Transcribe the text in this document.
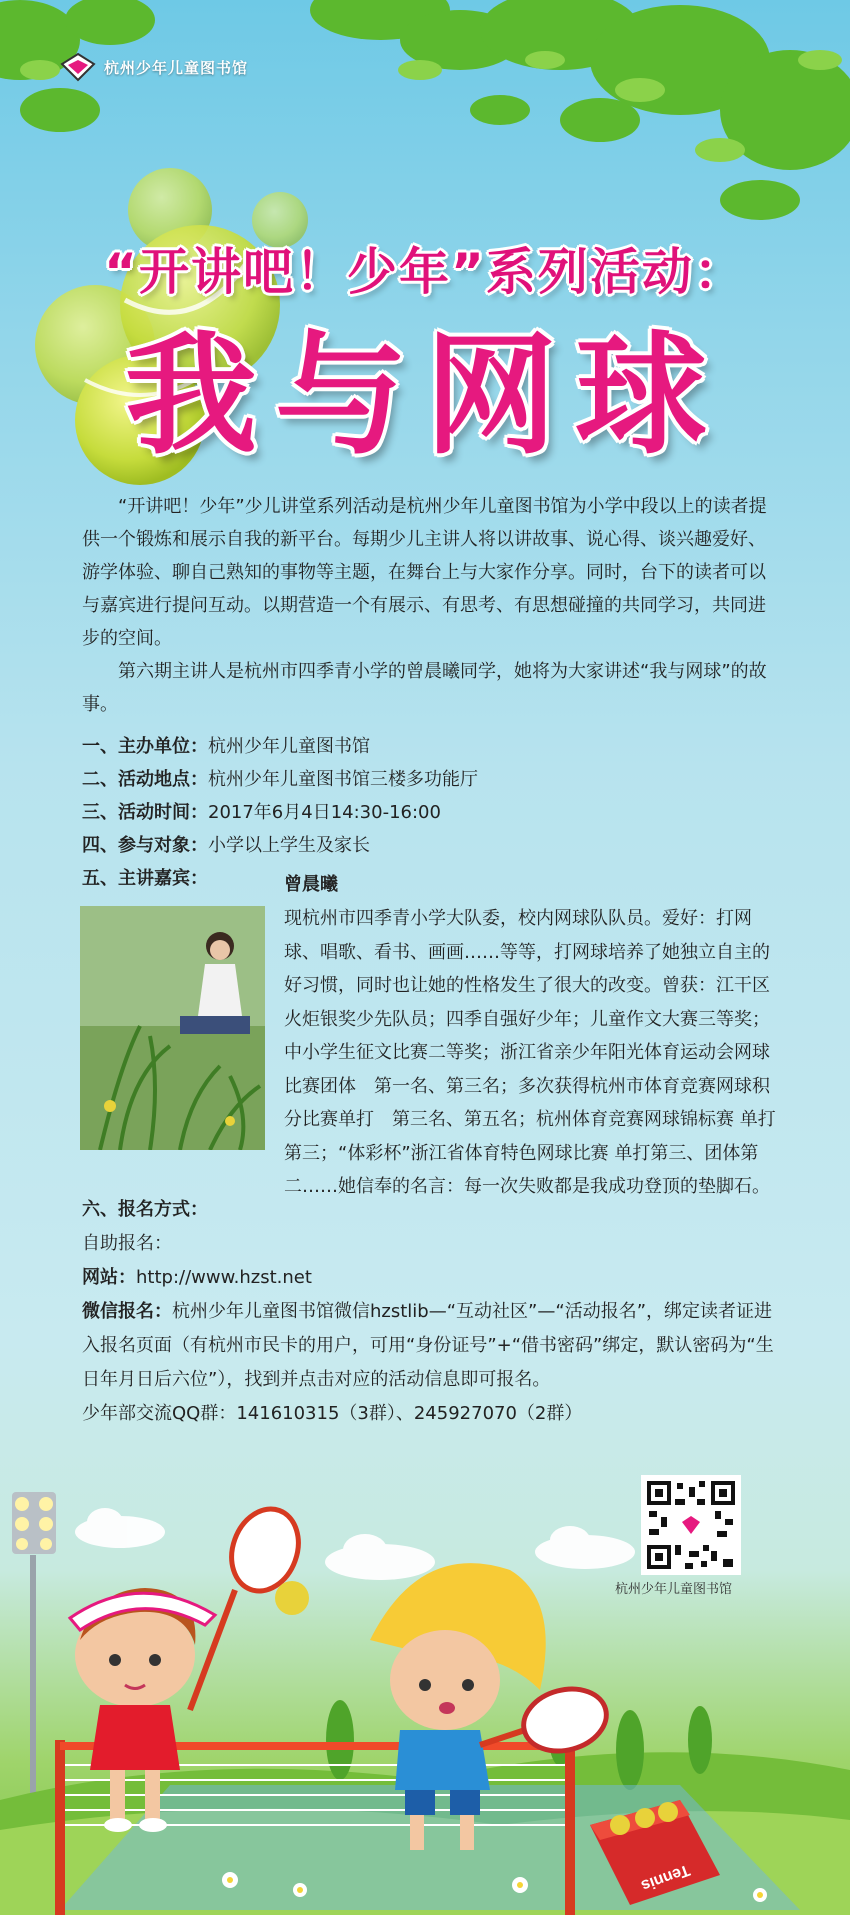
杭州少年儿童图书馆
“开讲吧！少年”系列活动：
我与网球

“开讲吧！少年”少儿讲堂系列活动是杭州少年儿童图书馆为小学中段以上的读者提供一个锻炼和展示自我的新平台。每期少儿主讲人将以讲故事、说心得、谈兴趣爱好、游学体验、聊自己熟知的事物等主题，在舞台上与大家作分享。同时，台下的读者可以与嘉宾进行提问互动。以期营造一个有展示、有思考、有思想碰撞的共同学习，共同进步的空间。

第六期主讲人是杭州市四季青小学的曾晨曦同学，她将为大家讲述“我与网球”的故事。

一、主办单位：杭州少年儿童图书馆
二、活动地点：杭州少年儿童图书馆三楼多功能厅
三、活动时间：2017年6月4日14:30-16:00
四、参与对象：小学以上学生及家长
五、主讲嘉宾：	曾晨曦

现杭州市四季青小学大队委，校内网球队队员。爱好：打网球、唱歌、看书、画画……等等，打网球培养了她独立自主的好习惯，同时也让她的性格发生了很大的改变。曾获：江干区火炬银奖少先队员；四季自强好少年；儿童作文大赛三等奖；中小学生征文比赛二等奖；浙江省亲少年阳光体育运动会网球比赛团体　第一名、第三名；多次获得杭州市体育竞赛网球积分比赛单打　第三名、第五名；杭州体育竞赛网球锦标赛 单打第三；“体彩杯”浙江省体育特色网球比赛 单打第三、团体第二……她信奉的名言：每一次失败都是我成功登顶的垫脚石。

六、报名方式：

自助报名：

网站：http://www.hzst.net

微信报名：杭州少年儿童图书馆微信hzstlib—“互动社区”—“活动报名”，绑定读者证进入报名页面（有杭州市民卡的用户，可用“身份证号”+“借书密码”绑定，默认密码为“生日年月日后六位”），找到并点击对应的活动信息即可报名。

少年部交流QQ群：141610315（3群）、245927070（2群）

杭州少年儿童图书馆
Tennis
